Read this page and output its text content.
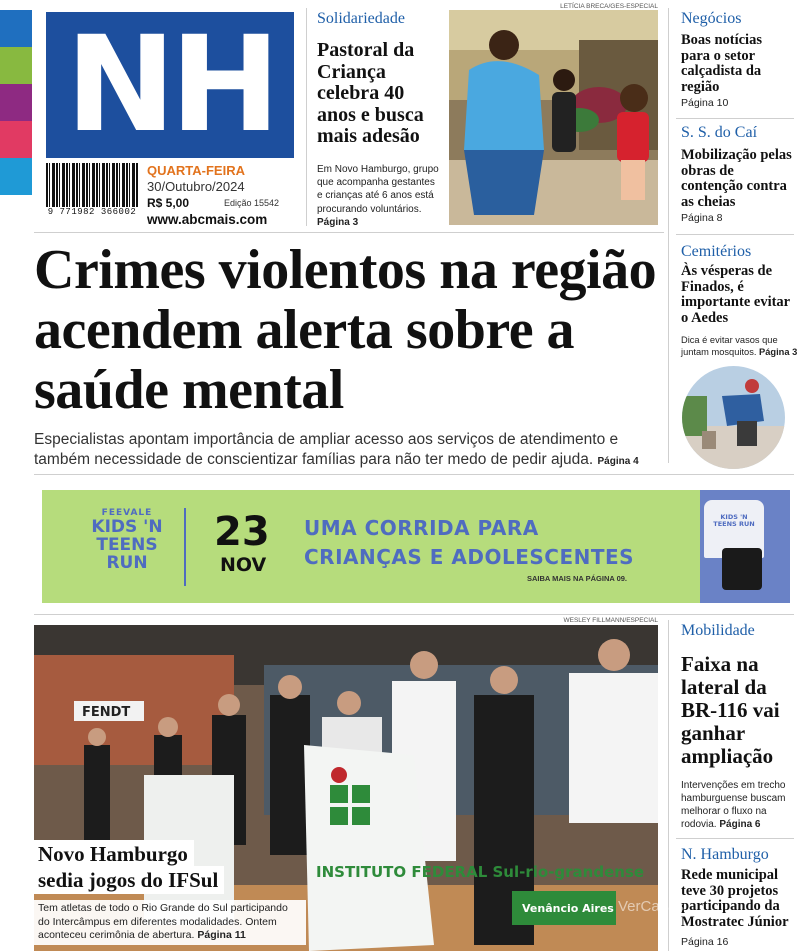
NH
9 771982 366002
QUARTA-FEIRA
30/Outubro/2024
R$ 5,00	Edição 15542
www.abcmais.com
Solidariedade
Pastoral da Criança celebra 40 anos e busca mais adesão
Em Novo Hamburgo, grupo que acompanha gestantes e crianças até 6 anos está procurando voluntários. Página 3
LETÍCIA BRECA/GES-ESPECIAL
Negócios
Boas notícias para o setor calçadista da região
Página 10
S. S. do Caí
Mobilização pelas obras de contenção contra as cheias
Página 8
Cemitérios
Às vésperas de Finados, é importante evitar o Aedes
Dica é evitar vasos que juntam mosquitos. Página 3
Crimes violentos na região acendem alerta sobre a saúde mental
Especialistas apontam importância de ampliar acesso aos serviços de atendimento e também necessidade de conscientizar famílias para não ter medo de pedir ajuda. Página 4
FEEVALE
KIDS 'N
TEENS
RUN
23
NOV
UMA CORRIDA PARA
CRIANÇAS E ADOLESCENTES
SAIBA MAIS NA PÁGINA 09.
KIDS 'N TEENS RUN
WESLEY FILLMANN/ESPECIAL
FENDT
INSTITUTO FEDERAL Sul-rio-grandense
Venâncio Aires
Novo Hamburgo
sedia jogos do IFSul
Tem atletas de todo o Rio Grande do Sul participando do Intercâmpus em diferentes modalidades. Ontem aconteceu cerimônia de abertura. Página 11
Mobilidade
Faixa na lateral da BR-116 vai ganhar ampliação
Intervenções em trecho hamburguense buscam melhorar o fluxo na rodovia. Página 6
N. Hamburgo
Rede municipal teve 30 projetos participando da Mostratec Júnior
Página 16
VerCapas
